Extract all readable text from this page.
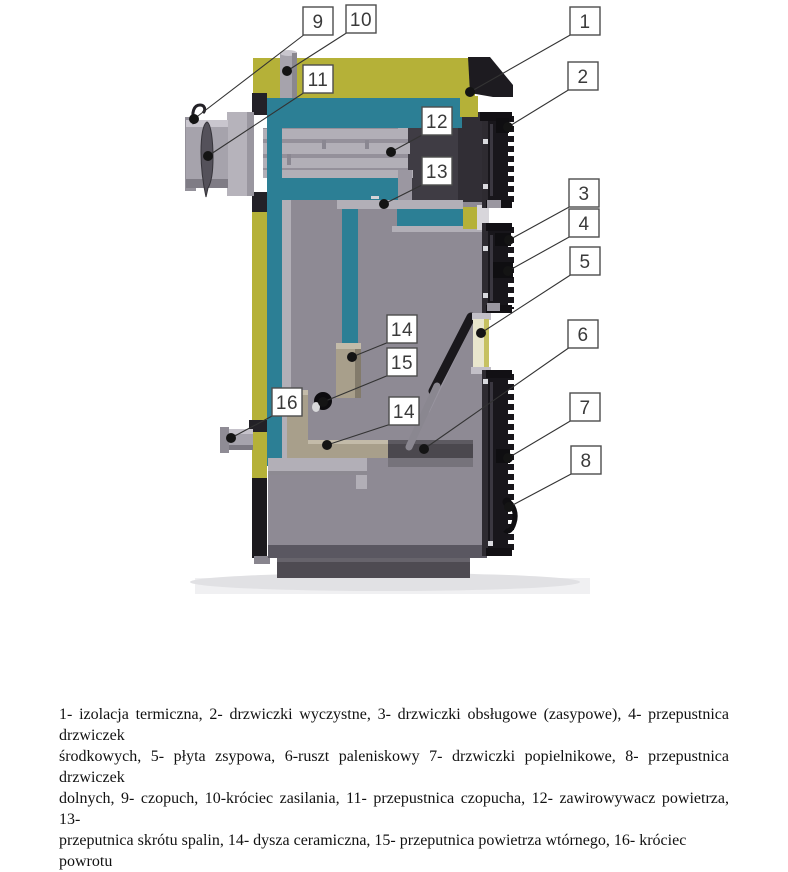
1
2
3
4
5
6
7
8
9 10
11
12
13
14
15
14
16
1- izolacja termiczna, 2- drzwiczki wyczystne, 3- drzwiczki obsługowe (zasypowe), 4- przepustnica drzwiczek
środkowych, 5- płyta zsypowa, 6-ruszt paleniskowy 7- drzwiczki popielnikowe, 8- przepustnica drzwiczek
dolnych, 9- czopuch, 10-króciec zasilania, 11- przepustnica czopucha, 12- zawirowywacz powietrza, 13-
przeputnica skrótu spalin, 14- dysza ceramiczna, 15- przeputnica powietrza wtórnego, 16- króciec powrotu
